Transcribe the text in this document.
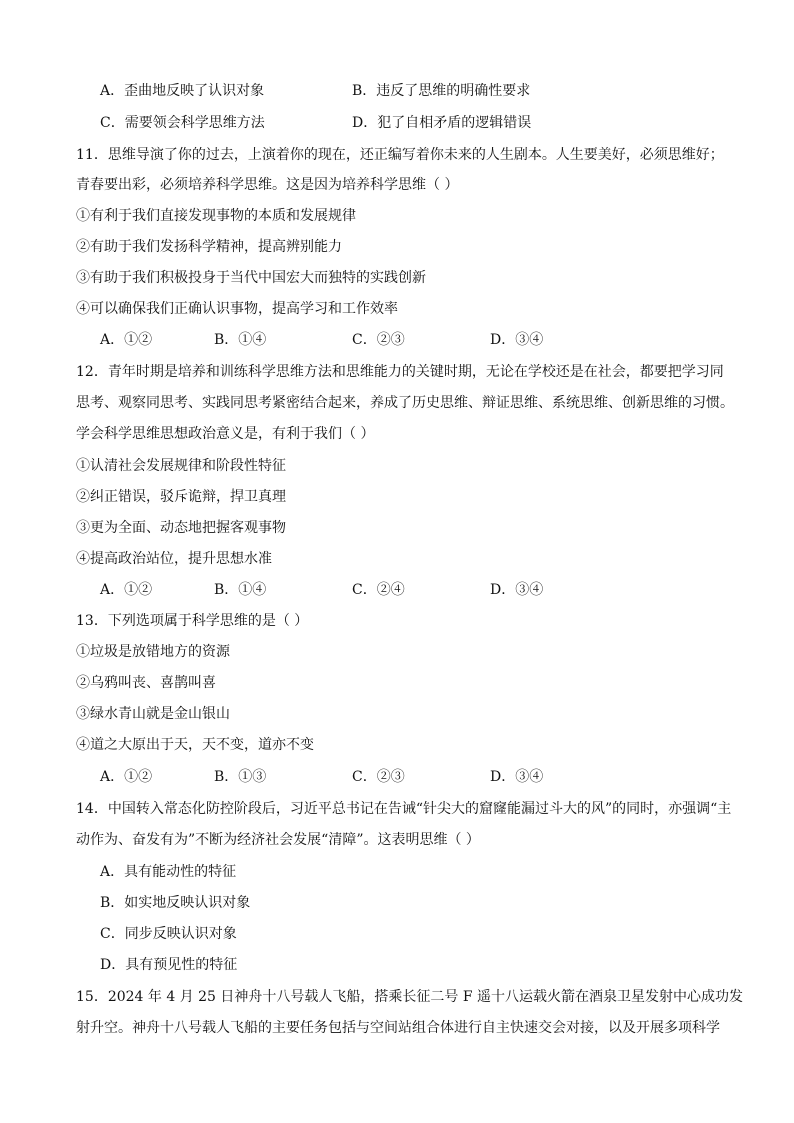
A．歪曲地反映了认识对象	B．违反了思维的明确性要求
C．需要领会科学思维方法	D．犯了自相矛盾的逻辑错误
11．思维导演了你的过去，上演着你的现在，还正编写着你未来的人生剧本。人生要美好，必须思维好；
青春要出彩，必须培养科学思维。这是因为培养科学思维（ ）
①有利于我们直接发现事物的本质和发展规律
②有助于我们发扬科学精神，提高辨别能力
③有助于我们积极投身于当代中国宏大而独特的实践创新
④可以确保我们正确认识事物，提高学习和工作效率
A．①②	B．①④	C．②③	D．③④
12．青年时期是培养和训练科学思维方法和思维能力的关键时期，无论在学校还是在社会，都要把学习同
思考、观察同思考、实践同思考紧密结合起来，养成了历史思维、辩证思维、系统思维、创新思维的习惯。
学会科学思维思想政治意义是，有利于我们（ ）
①认清社会发展规律和阶段性特征
②纠正错误，驳斥诡辩，捍卫真理
③更为全面、动态地把握客观事物
④提高政治站位，提升思想水准
A．①②	B．①④	C．②④	D．③④
13．下列选项属于科学思维的是（ ）
①垃圾是放错地方的资源
②乌鸦叫丧、喜鹊叫喜
③绿水青山就是金山银山
④道之大原出于天，天不变，道亦不变
A．①②	B．①③	C．②③	D．③④
14．中国转入常态化防控阶段后，习近平总书记在告诫“针尖大的窟窿能漏过斗大的风”的同时，亦强调“主
动作为、奋发有为”不断为经济社会发展“清障”。这表明思维（ ）
A．具有能动性的特征
B．如实地反映认识对象
C．同步反映认识对象
D．具有预见性的特征
15．2024 年 4 月 25 日神舟十八号载人飞船，搭乘长征二号 F 遥十八运载火箭在酒泉卫星发射中心成功发
射升空。神舟十八号载人飞船的主要任务包括与空间站组合体进行自主快速交会对接，以及开展多项科学
